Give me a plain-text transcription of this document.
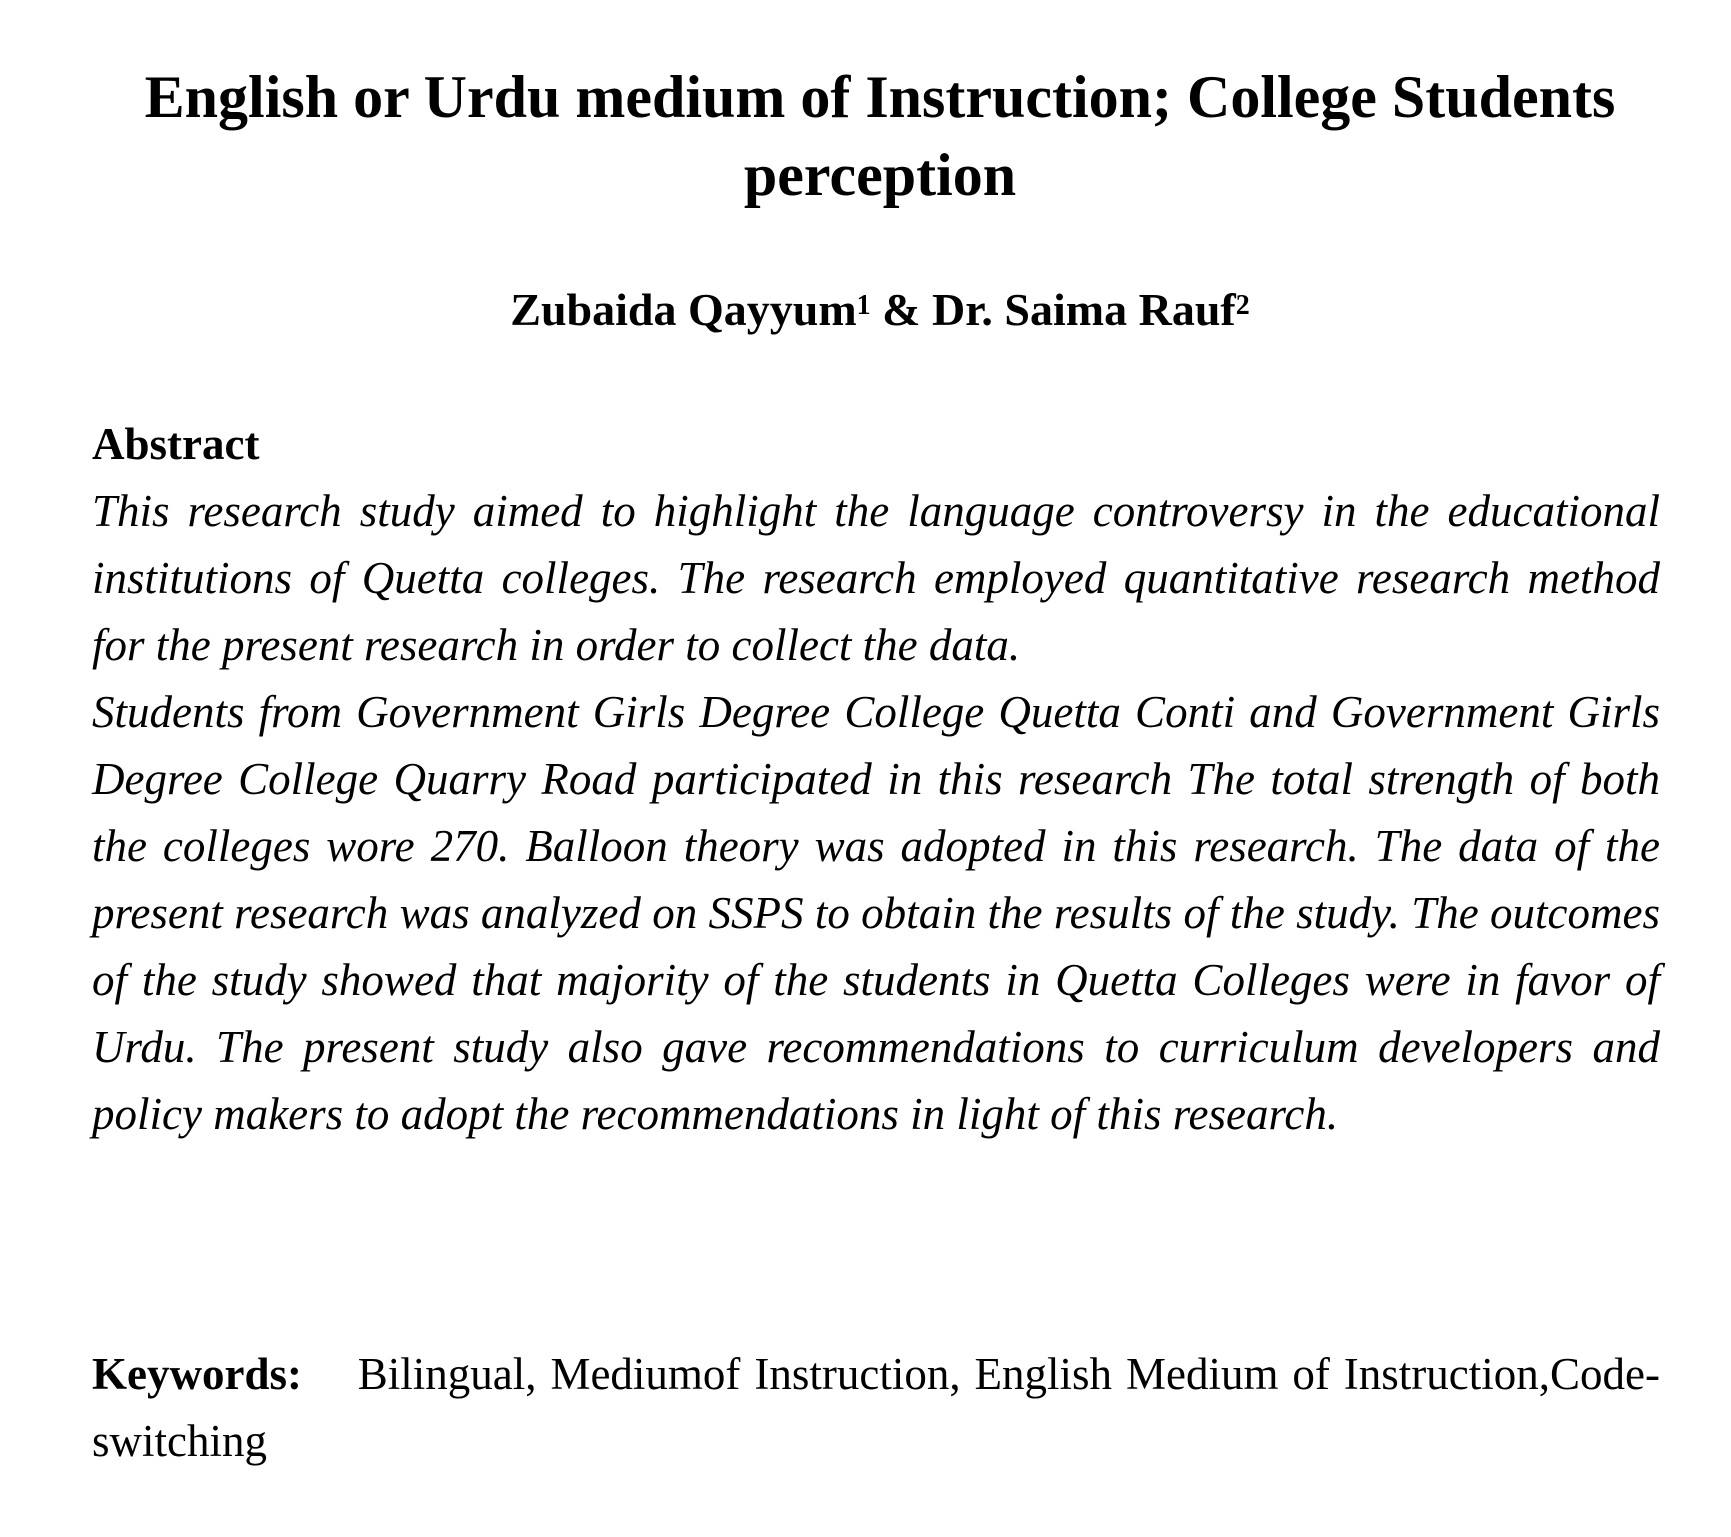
English or Urdu medium of Instruction; College Students perception
Zubaida Qayyum$^1$ & Dr. Saima Rauf$^2$
Abstract

This research study aimed to highlight the language controversy in the educational institutions of Quetta colleges. The research employed quantitative research method for the present research in order to collect the data.

Students from Government Girls Degree College Quetta Conti and Government Girls Degree College Quarry Road participated in this research The total strength of both the colleges wore 270. Balloon theory was adopted in this research. The data of the present research was analyzed on SSPS to obtain the results of the study. The outcomes of the study showed that majority of the students in Quetta Colleges were in favor of Urdu. The present study also gave recommendations to curriculum developers and policy makers to adopt the recommendations in light of this research.

Keywords: Bilingual, Mediumof Instruction, English Medium of Instruction,Code-switching
